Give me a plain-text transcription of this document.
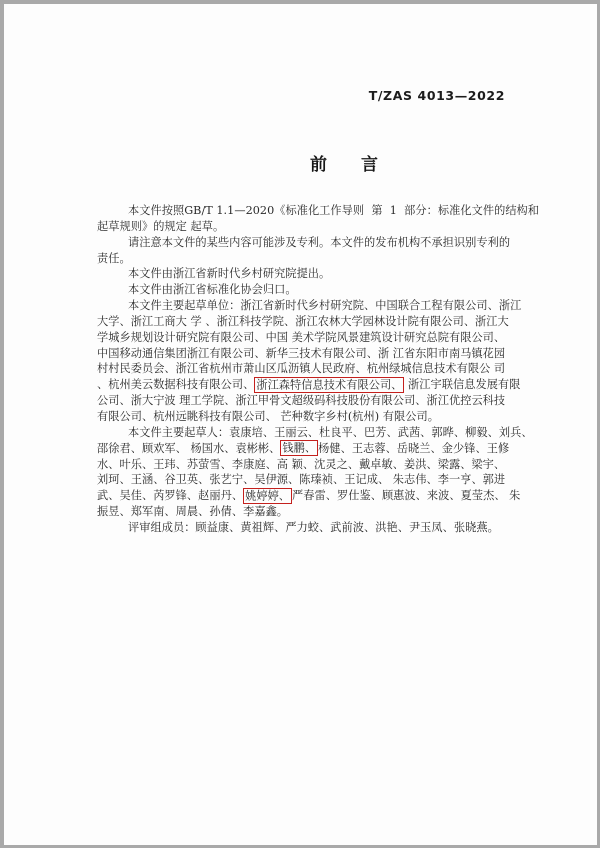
T/ZAS 4013—2022
前　　言
本文件按照GB/T 1.1—2020《标准化工作导则  第  1  部分：标准化文件的结构和
起草规则》的规定 起草。
请注意本文件的某些内容可能涉及专利。本文件的发布机构不承担识别专利的
责任。
本文件由浙江省新时代乡村研究院提出。
本文件由浙江省标准化协会归口。
本文件主要起草单位：浙江省新时代乡村研究院、中国联合工程有限公司、浙江
大学、浙江工商大 学 、浙江科技学院、浙江农林大学园林设计院有限公司、浙江大
学城乡规划设计研究院有限公司、中国 美术学院风景建筑设计研究总院有限公司、
中国移动通信集团浙江有限公司、新华三技术有限公司、浙 江省东阳市南马镇花园
村村民委员会、浙江省杭州市萧山区瓜沥镇人民政府、杭州绿城信息技术有限公 司
、杭州美云数据科技有限公司、 浙江森特信息技术有限公司、 浙江宇联信息发展有限
公司、浙大宁波 理工学院、浙江甲骨文超级码科技股份有限公司、浙江优控云科技
有限公司、杭州远眺科技有限公司、 芒种数字乡村(杭州) 有限公司。
本文件主要起草人：袁康培、王丽云、杜良平、巴芳、武茜、郭晔、柳毅、刘兵、
邵徐君、顾欢军、 杨国水、袁彬彬、 钱鹏、 杨健、王志蓉、岳晓兰、金少锋、王修
水、叶乐、王玮、苏萤雪、李康庭、高 颖、沈灵之、戴卓敏、姜洪、梁露、梁宇、
刘珂、王涵、谷卫英、张艺宁、吴伊源、陈瑧祯、王记成、 朱志伟、李一亨、郭进
武、吴佳、芮罗锋、赵丽丹、 姚婷婷、 严春雷、罗仕鉴、顾惠波、来波、夏莹杰、 朱
振昱、郑军南、周晨、孙倩、李嘉鑫。
评审组成员：顾益康、黄祖辉、严力蛟、武前波、洪艳、尹玉凤、张晓燕。
